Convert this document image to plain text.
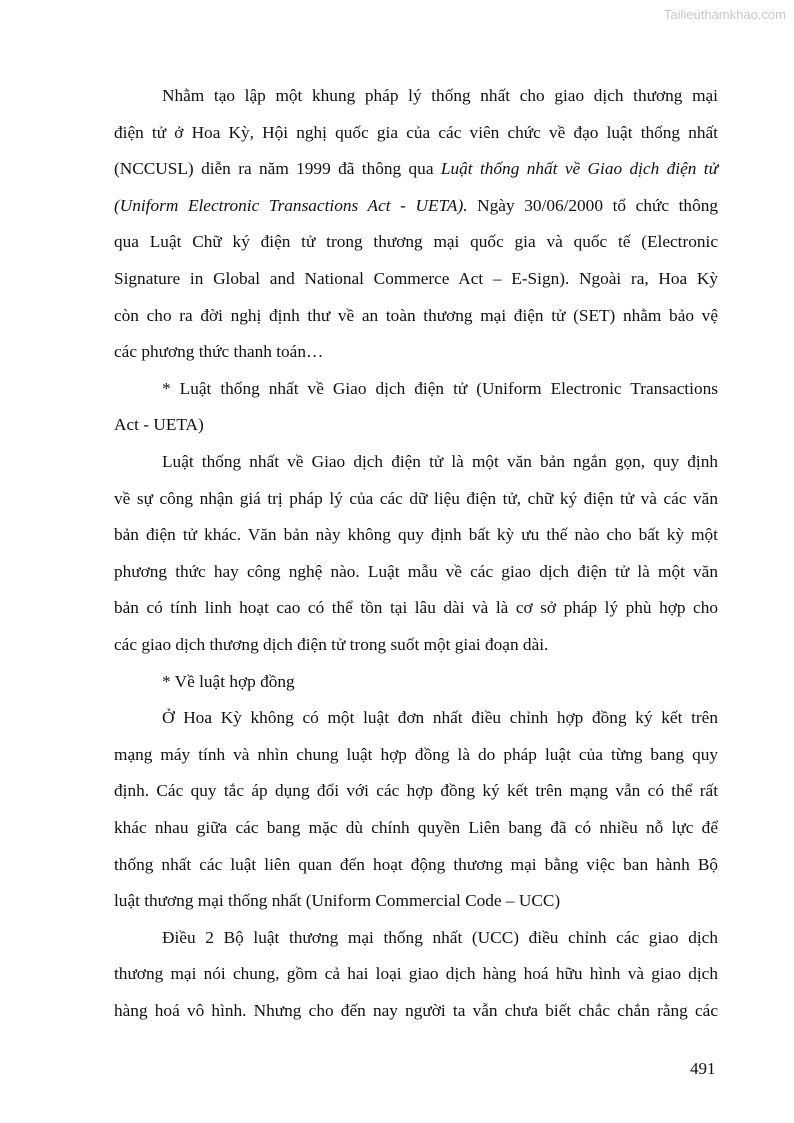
Tailieuthamkhao.com
Nhằm tạo lập một khung pháp lý thống nhất cho giao dịch thương mại
điện tử ở Hoa Kỳ, Hội nghị quốc gia của các viên chức về đạo luật thống nhất
(NCCUSL) diễn ra năm 1999 đã thông qua Luật thống nhất về Giao dịch điện tử
(Uniform Electronic Transactions Act - UETA). Ngày 30/06/2000 tổ chức thông
qua Luật Chữ ký điện tử trong thương mại quốc gia và quốc tế (Electronic
Signature in Global and National Commerce Act – E-Sign). Ngoài ra, Hoa Kỳ
còn cho ra đời nghị định thư về an toàn thương mại điện tử (SET) nhằm bảo vệ
các phương thức thanh toán…
* Luật thống nhất về Giao dịch điện tử (Uniform Electronic Transactions
Act - UETA)
Luật thống nhất về Giao dịch điện tử là một văn bản ngắn gọn, quy định
về sự công nhận giá trị pháp lý của các dữ liệu điện tử, chữ ký điện tử và các văn
bản điện tử khác. Văn bản này không quy định bất kỳ ưu thế nào cho bất kỳ một
phương thức hay công nghệ nào. Luật mẫu về các giao dịch điện tử là một văn
bản có tính linh hoạt cao có thể tồn tại lâu dài và là cơ sở pháp lý phù hợp cho
các giao dịch thương dịch điện tử trong suốt một giai đoạn dài.
* Về luật hợp đồng
Ở Hoa Kỳ không có một luật đơn nhất điều chỉnh hợp đồng ký kết trên
mạng máy tính và nhìn chung luật hợp đồng là do pháp luật của từng bang quy
định. Các quy tắc áp dụng đối với các hợp đồng ký kết trên mạng vẫn có thể rất
khác nhau giữa các bang mặc dù chính quyền Liên bang đã có nhiều nỗ lực để
thống nhất các luật liên quan đến hoạt động thương mại bằng việc ban hành Bộ
luật thương mại thống nhất (Uniform Commercial Code – UCC)
Điều 2 Bộ luật thương mại thống nhất (UCC) điều chỉnh các giao dịch
thương mại nói chung, gồm cả hai loại giao dịch hàng hoá hữu hình và giao dịch
hàng hoá vô hình. Nhưng cho đến nay người ta vẫn chưa biết chắc chắn rằng các
491
